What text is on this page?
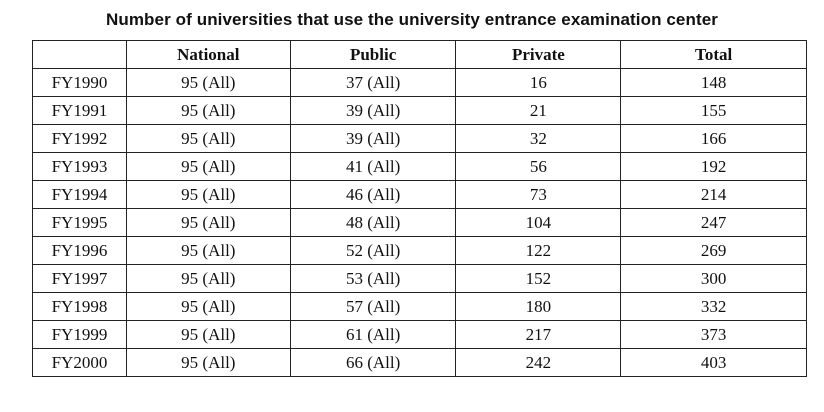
Number of universities that use the university entrance examination center
	National	Public	Private	Total
FY1990	95 (All)	37 (All)	16	148
FY1991	95 (All)	39 (All)	21	155
FY1992	95 (All)	39 (All)	32	166
FY1993	95 (All)	41 (All)	56	192
FY1994	95 (All)	46 (All)	73	214
FY1995	95 (All)	48 (All)	104	247
FY1996	95 (All)	52 (All)	122	269
FY1997	95 (All)	53 (All)	152	300
FY1998	95 (All)	57 (All)	180	332
FY1999	95 (All)	61 (All)	217	373
FY2000	95 (All)	66 (All)	242	403
